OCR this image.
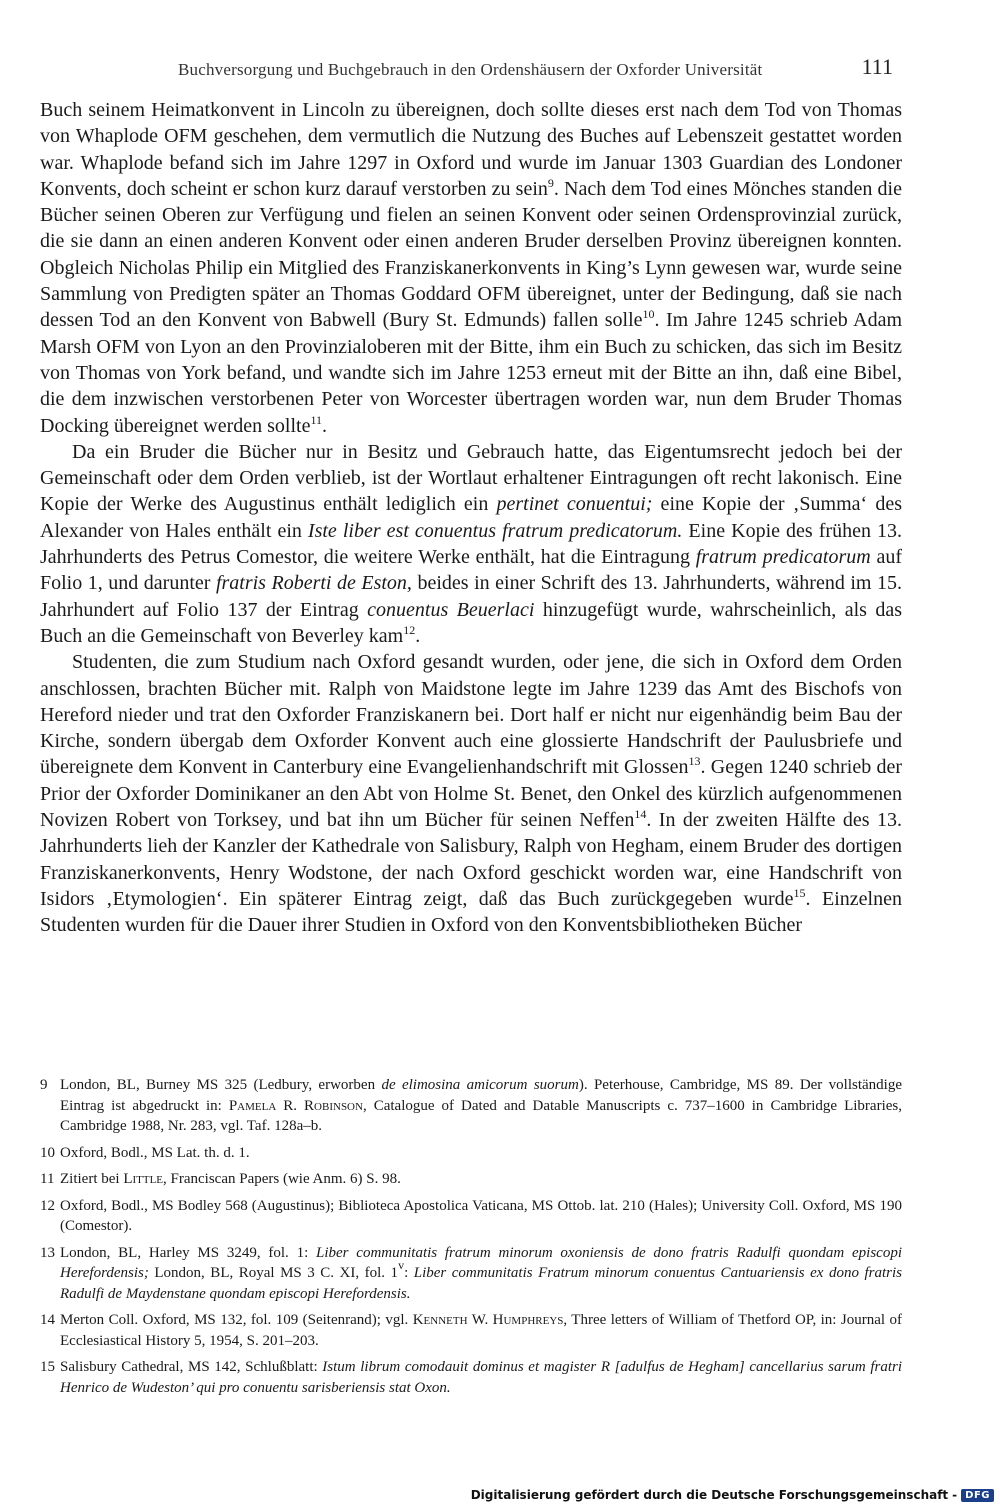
Buchversorgung und Buchgebrauch in den Ordenshäusern der Oxforder Universität	111

Buch seinem Heimatkonvent in Lincoln zu übereignen, doch sollte dieses erst nach dem Tod von Thomas von Whaplode OFM geschehen, dem vermutlich die Nutzung des Buches auf Lebenszeit gestattet worden war. Whaplode befand sich im Jahre 1297 in Oxford und wurde im Januar 1303 Guardian des Londoner Konvents, doch scheint er schon kurz darauf verstorben zu sein$^9$. Nach dem Tod eines Mönches standen die Bücher seinen Oberen zur Verfügung und fielen an seinen Konvent oder seinen Ordensprovinzial zurück, die sie dann an einen anderen Konvent oder einen anderen Bruder derselben Provinz übereignen konnten. Obgleich Nicholas Philip ein Mitglied des Franziskanerkonvents in King’s Lynn gewesen war, wurde seine Sammlung von Predigten später an Thomas Goddard OFM übereignet, unter der Bedingung, daß sie nach dessen Tod an den Konvent von Babwell (Bury St. Edmunds) fallen solle$^{10}$. Im Jahre 1245 schrieb Adam Marsh OFM von Lyon an den Provinzialoberen mit der Bitte, ihm ein Buch zu schicken, das sich im Besitz von Thomas von York befand, und wandte sich im Jahre 1253 erneut mit der Bitte an ihn, daß eine Bibel, die dem inzwischen verstorbenen Peter von Worcester übertragen worden war, nun dem Bruder Thomas Docking übereignet werden sollte$^{11}$.

Da ein Bruder die Bücher nur in Besitz und Gebrauch hatte, das Eigentumsrecht jedoch bei der Gemeinschaft oder dem Orden verblieb, ist der Wortlaut erhaltener Eintragungen oft recht lakonisch. Eine Kopie der Werke des Augustinus enthält lediglich ein pertinet conuentui; eine Kopie der ‚Summa‘ des Alexander von Hales enthält ein Iste liber est conuentus fratrum predicatorum. Eine Kopie des frühen 13. Jahrhunderts des Petrus Comestor, die weitere Werke enthält, hat die Eintragung fratrum predicatorum auf Folio 1, und darunter fratris Roberti de Eston, beides in einer Schrift des 13. Jahrhunderts, während im 15. Jahrhundert auf Folio 137 der Eintrag conuentus Beuerlaci hinzugefügt wurde, wahrscheinlich, als das Buch an die Gemeinschaft von Beverley kam$^{12}$.

Studenten, die zum Studium nach Oxford gesandt wurden, oder jene, die sich in Oxford dem Orden anschlossen, brachten Bücher mit. Ralph von Maidstone legte im Jahre 1239 das Amt des Bischofs von Hereford nieder und trat den Oxforder Franziskanern bei. Dort half er nicht nur eigenhändig beim Bau der Kirche, sondern übergab dem Oxforder Konvent auch eine glossierte Handschrift der Paulusbriefe und übereignete dem Konvent in Canterbury eine Evangelienhandschrift mit Glossen$^{13}$. Gegen 1240 schrieb der Prior der Oxforder Dominikaner an den Abt von Holme St. Benet, den Onkel des kürzlich aufgenommenen Novizen Robert von Torksey, und bat ihn um Bücher für seinen Neffen$^{14}$. In der zweiten Hälfte des 13. Jahrhunderts lieh der Kanzler der Kathedrale von Salisbury, Ralph von Hegham, einem Bruder des dortigen Franziskanerkonvents, Henry Wodstone, der nach Oxford geschickt worden war, eine Handschrift von Isidors ‚Etymologien‘. Ein späterer Eintrag zeigt, daß das Buch zurückgegeben wurde$^{15}$. Einzelnen Studenten wurden für die Dauer ihrer Studien in Oxford von den Konventsbibliotheken Bücher

9 London, BL, Burney MS 325 (Ledbury, erworben de elimosina amicorum suorum). Peterhouse, Cambridge, MS 89. Der vollständige Eintrag ist abgedruckt in: Pamela R. Robinson, Catalogue of Dated and Datable Manuscripts c. 737–1600 in Cambridge Libraries, Cambridge 1988, Nr. 283, vgl. Taf. 128a–b.
10 Oxford, Bodl., MS Lat. th. d. 1.
11 Zitiert bei Little, Franciscan Papers (wie Anm. 6) S. 98.
12 Oxford, Bodl., MS Bodley 568 (Augustinus); Biblioteca Apostolica Vaticana, MS Ottob. lat. 210 (Hales); University Coll. Oxford, MS 190 (Comestor).
13 London, BL, Harley MS 3249, fol. 1: Liber communitatis fratrum minorum oxoniensis de dono fratris Radulfi quondam episcopi Herefordensis; London, BL, Royal MS 3 C. XI, fol. 1$^v$: Liber communitatis Fratrum minorum conuentus Cantuariensis ex dono fratris Radulfi de Maydenstane quondam episcopi Herefordensis.
14 Merton Coll. Oxford, MS 132, fol. 109 (Seitenrand); vgl. Kenneth W. Humphreys, Three letters of William of Thetford OP, in: Journal of Ecclesiastical History 5, 1954, S. 201–203.
15 Salisbury Cathedral, MS 142, Schlußblatt: Istum librum comodauit dominus et magister R [adulfus de Hegham] cancellarius sarum fratri Henrico de Wudeston’ qui pro conuentu sarisberiensis stat Oxon.
Digitalisierung gefördert durch die Deutsche Forschungsgemeinschaft - DFG
